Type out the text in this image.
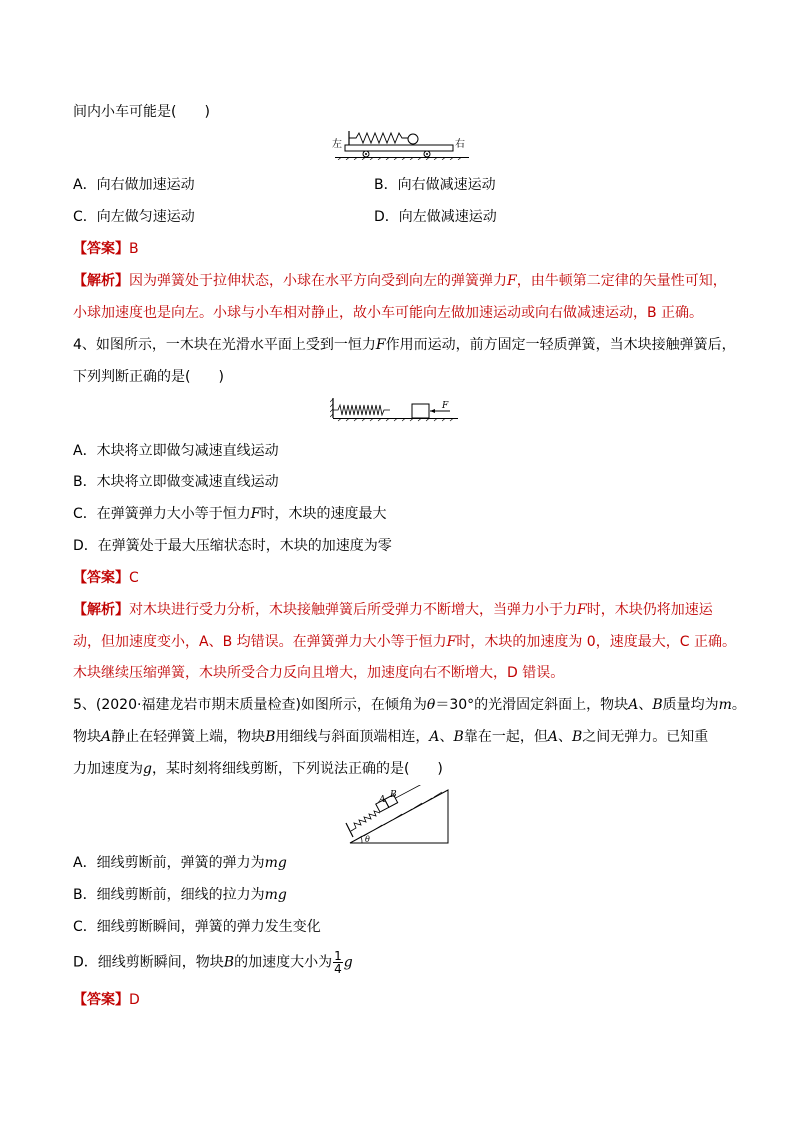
间内小车可能是(　　)
左	右
A．向右做加速运动	B．向右做减速运动
C．向左做匀速运动	D．向左做减速运动
【答案】B
【解析】因为弹簧处于拉伸状态，小球在水平方向受到向左的弹簧弹力F，由牛顿第二定律的矢量性可知，
小球加速度也是向左。小球与小车相对静止，故小车可能向左做加速运动或向右做减速运动，B 正确。
4、如图所示，一木块在光滑水平面上受到一恒力F作用而运动，前方固定一轻质弹簧，当木块接触弹簧后，
下列判断正确的是(　　)
F
A．木块将立即做匀减速直线运动
B．木块将立即做变减速直线运动
C．在弹簧弹力大小等于恒力F时，木块的速度最大
D．在弹簧处于最大压缩状态时，木块的加速度为零
【答案】C
【解析】对木块进行受力分析，木块接触弹簧后所受弹力不断增大，当弹力小于力F时，木块仍将加速运
动，但加速度变小，A、B 均错误。在弹簧弹力大小等于恒力F时，木块的加速度为 0，速度最大，C 正确。
木块继续压缩弹簧，木块所受合力反向且增大，加速度向右不断增大，D 错误。
5、(2020·福建龙岩市期末质量检查)如图所示，在倾角为θ＝30°的光滑固定斜面上，物块A、B质量均为m。
物块A静止在轻弹簧上端，物块B用细线与斜面顶端相连，A、B靠在一起，但A、B之间无弹力。已知重
力加速度为g，某时刻将细线剪断，下列说法正确的是(　　)
A B
θ
A．细线剪断前，弹簧的弹力为mg
B．细线剪断前，细线的拉力为mg
C．细线剪断瞬间，弹簧的弹力发生变化
D．细线剪断瞬间，物块B的加速度大小为 $\frac{1}{4}$ g
【答案】D
